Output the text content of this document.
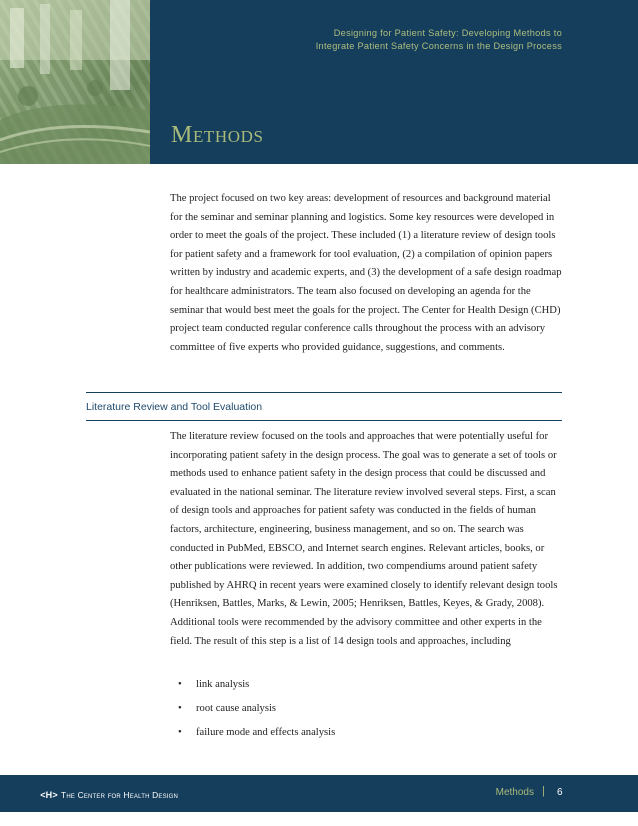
Designing for Patient Safety: Developing Methods to
Integrate Patient Safety Concerns in the Design Process
Methods

The project focused on two key areas: development of resources and background material for the seminar and seminar planning and logistics. Some key resources were developed in order to meet the goals of the project. These included (1) a literature review of design tools for patient safety and a framework for tool evaluation, (2) a compilation of opinion papers written by industry and academic experts, and (3) the development of a safe design roadmap for healthcare administrators. The team also focused on developing an agenda for the seminar that would best meet the goals for the project. The Center for Health Design (CHD) project team conducted regular conference calls throughout the process with an advisory committee of five experts who provided guidance, suggestions, and comments.

Literature Review and Tool Evaluation

The literature review focused on the tools and approaches that were potentially useful for incorporating patient safety in the design process. The goal was to generate a set of tools or methods used to enhance patient safety in the design process that could be discussed and evaluated in the national seminar. The literature review involved several steps. First, a scan of design tools and approaches for patient safety was conducted in the fields of human factors, architecture, engineering, business management, and so on. The search was conducted in PubMed, EBSCO, and Internet search engines. Relevant articles, books, or other publications were reviewed. In addition, two compendiums around patient safety published by AHRQ in recent years were examined closely to identify relevant design tools (Henriksen, Battles, Marks, & Lewin, 2005; Henriksen, Battles, Keyes, & Grady, 2008). Additional tools were recommended by the advisory committee and other experts in the field. The result of this step is a list of 14 design tools and approaches, including

•	link analysis
•	root cause analysis
•	failure mode and effects analysis
<H> The Center for Health Design	Methods | 6
